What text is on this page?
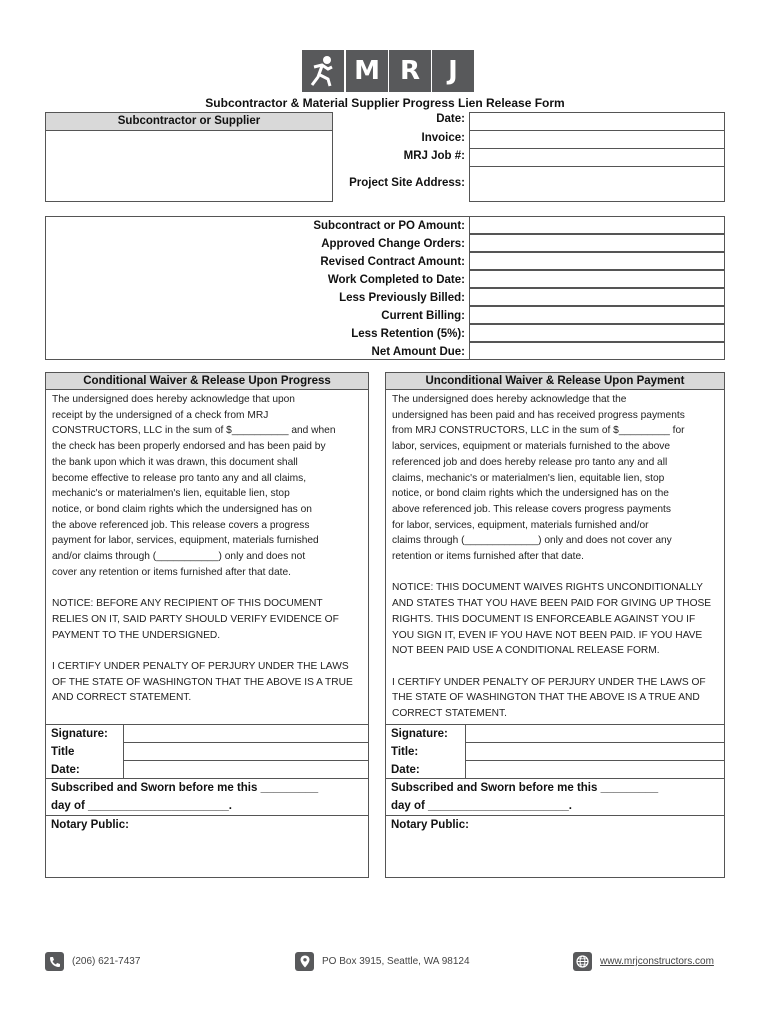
M R	J
Subcontractor & Material Supplier Progress Lien Release Form
Subcontractor or Supplier	Date:
Invoice:
MRJ Job #:
Project Site Address:
Subcontract or PO Amount:
Approved Change Orders:
Revised Contract Amount:
Work Completed to Date:
Less Previously Billed:
Current Billing:
Less Retention (5%):
Net Amount Due:
Conditional Waiver & Release Upon Progress

The undersigned does hereby acknowledge that upon

receipt by the undersigned of a check from MRJ

CONSTRUCTORS, LLC in the sum of $__________ and when

the check has been properly endorsed and has been paid by

the bank upon which it was drawn, this document shall

become effective to release pro tanto any and all claims,

mechanic's or materialmen's lien, equitable lien, stop

notice, or bond claim rights which the undersigned has on

the above referenced job. This release covers a progress

payment for labor, services, equipment, materials furnished

and/or claims through (___________) only and does not

cover any retention or items furnished after that date.

NOTICE: BEFORE ANY RECIPIENT OF THIS DOCUMENT

RELIES ON IT, SAID PARTY SHOULD VERIFY EVIDENCE OF

PAYMENT TO THE UNDERSIGNED.

I CERTIFY UNDER PENALTY OF PERJURY UNDER THE LAWS

OF THE STATE OF WASHINGTON THAT THE ABOVE IS A TRUE

AND CORRECT STATEMENT.

Signature:
Title
Date:
Subscribed and Sworn before me this _________
day of ______________________.
Notary Public:
Unconditional Waiver & Release Upon Payment

The undersigned does hereby acknowledge that the

undersigned has been paid and has received progress payments

from MRJ CONSTRUCTORS, LLC in the sum of $_________ for

labor, services, equipment or materials furnished to the above

referenced job and does hereby release pro tanto any and all

claims, mechanic's or materialmen's lien, equitable lien, stop

notice, or bond claim rights which the undersigned has on the

above referenced job. This release covers progress payments

for labor, services, equipment, materials furnished and/or

claims through (_____________) only and does not cover any

retention or items furnished after that date.

NOTICE: THIS DOCUMENT WAIVES RIGHTS UNCONDITIONALLY

AND STATES THAT YOU HAVE BEEN PAID FOR GIVING UP THOSE

RIGHTS. THIS DOCUMENT IS ENFORCEABLE AGAINST YOU IF

YOU SIGN IT, EVEN IF YOU HAVE NOT BEEN PAID. IF YOU HAVE

NOT BEEN PAID USE A CONDITIONAL RELEASE FORM.

I CERTIFY UNDER PENALTY OF PERJURY UNDER THE LAWS OF

THE STATE OF WASHINGTON THAT THE ABOVE IS A TRUE AND

CORRECT STATEMENT.

Signature:
Title:
Date:
Subscribed and Sworn before me this _________
day of ______________________.
Notary Public:
(206) 621-7437	PO Box 3915, Seattle, WA 98124	www.mrjconstructors.com
